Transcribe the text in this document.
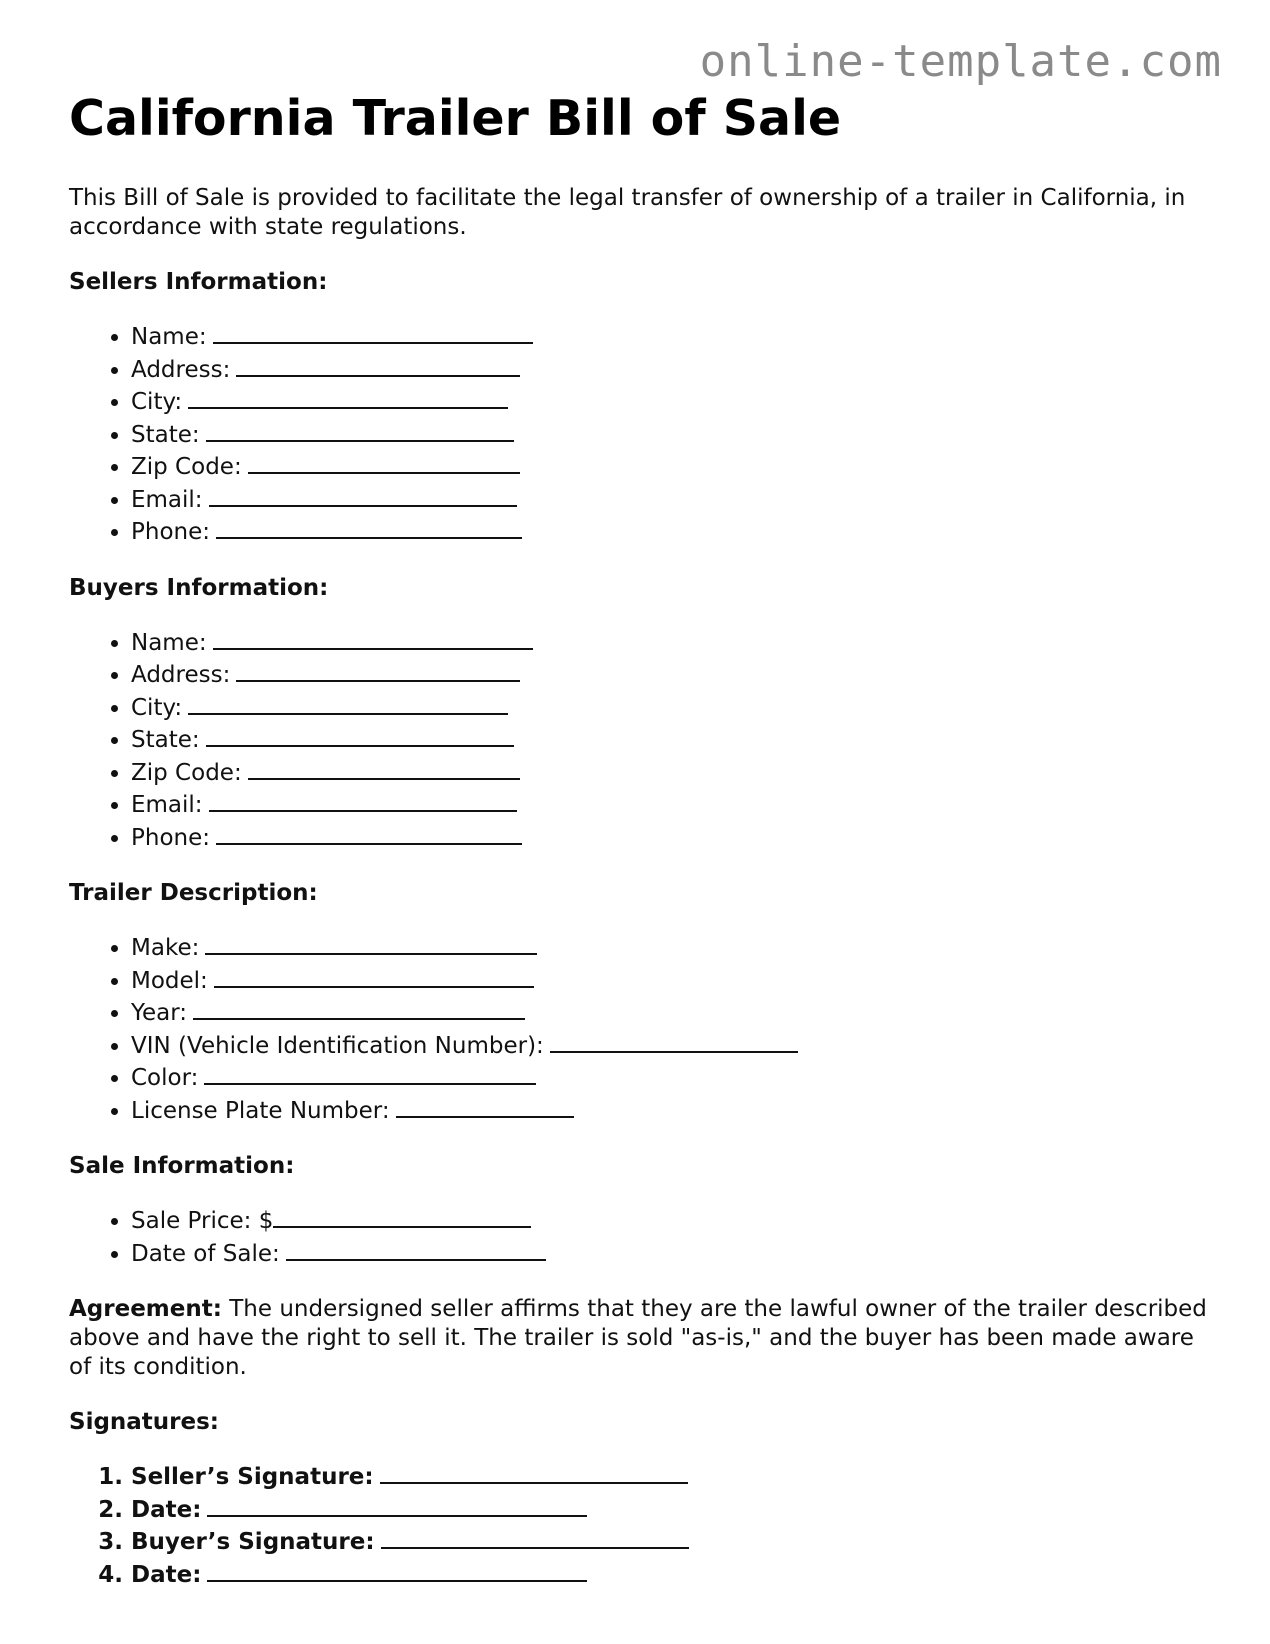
online-template.com
California Trailer Bill of Sale

This Bill of Sale is provided to facilitate the legal transfer of ownership of a trailer in California, in accordance with state regulations.

Sellers Information:
• Name:
• Address:
• City:
• State:
• Zip Code:
• Email:
• Phone:
Buyers Information:
• Name:
• Address:
• City:
• State:
• Zip Code:
• Email:
• Phone:
Trailer Description:
• Make:
• Model:
• Year:
• VIN (Vehicle Identification Number):
• Color:
• License Plate Number:
Sale Information:
• Sale Price: $
• Date of Sale:

Agreement: The undersigned seller affirms that they are the lawful owner of the trailer described above and have the right to sell it. The trailer is sold "as-is," and the buyer has been made aware of its condition.

Signatures:
1. Seller’s Signature:
2. Date:
3. Buyer’s Signature:
4. Date:
